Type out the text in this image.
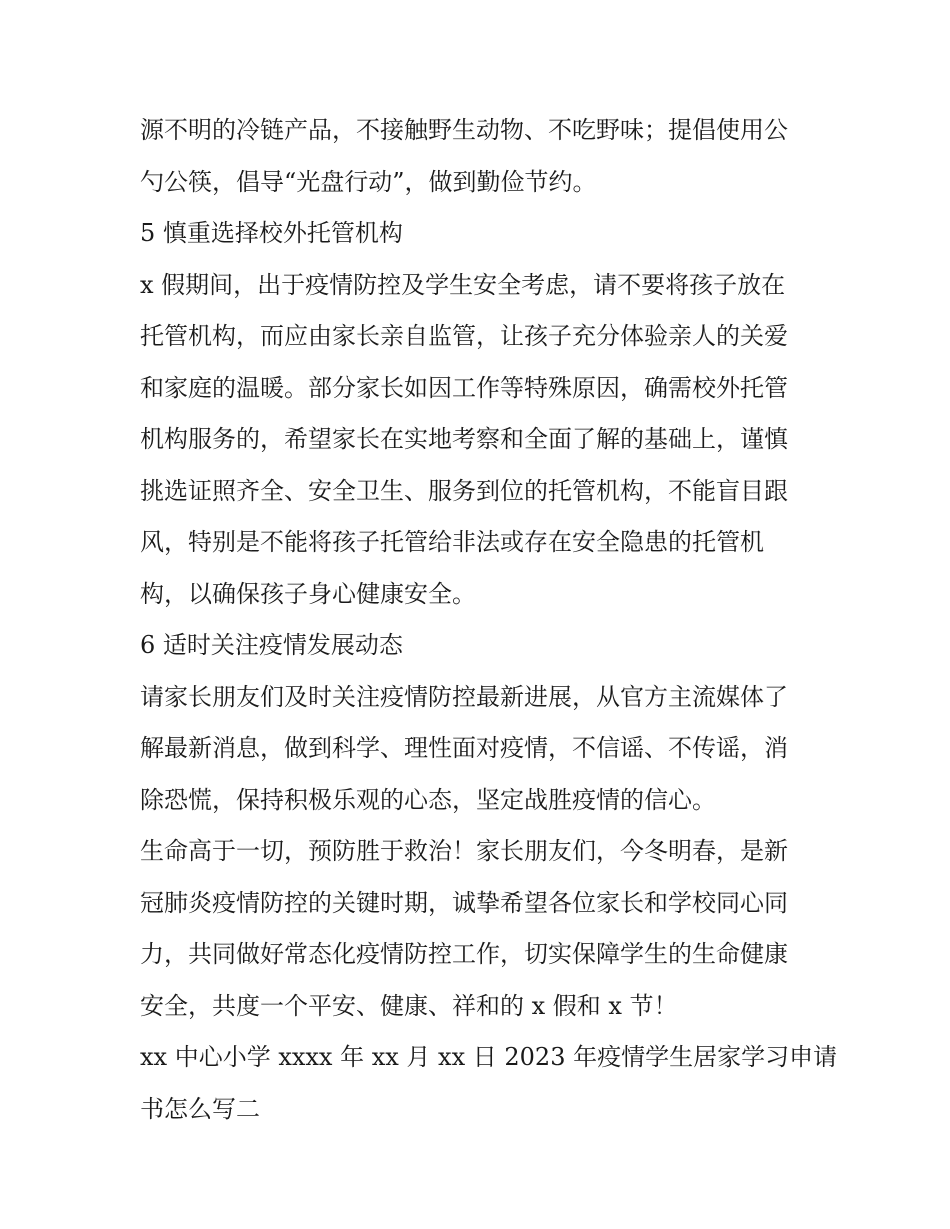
源不明的冷链产品，不接触野生动物、不吃野味；提倡使用公
勺公筷，倡导“光盘行动”，做到勤俭节约。
5 慎重选择校外托管机构
x 假期间，出于疫情防控及学生安全考虑，请不要将孩子放在
托管机构，而应由家长亲自监管，让孩子充分体验亲人的关爱
和家庭的温暖。部分家长如因工作等特殊原因，确需校外托管
机构服务的，希望家长在实地考察和全面了解的基础上，谨慎
挑选证照齐全、安全卫生、服务到位的托管机构，不能盲目跟
风，特别是不能将孩子托管给非法或存在安全隐患的托管机
构，以确保孩子身心健康安全。
6 适时关注疫情发展动态
请家长朋友们及时关注疫情防控最新进展，从官方主流媒体了
解最新消息，做到科学、理性面对疫情，不信谣、不传谣，消
除恐慌，保持积极乐观的心态，坚定战胜疫情的信心。
生命高于一切，预防胜于救治！家长朋友们，今冬明春，是新
冠肺炎疫情防控的关键时期，诚挚希望各位家长和学校同心同
力，共同做好常态化疫情防控工作，切实保障学生的生命健康
安全，共度一个平安、健康、祥和的 x 假和 x 节！
xx 中心小学 xxxx 年 xx 月 xx 日 2023 年疫情学生居家学习申请
书怎么写二
